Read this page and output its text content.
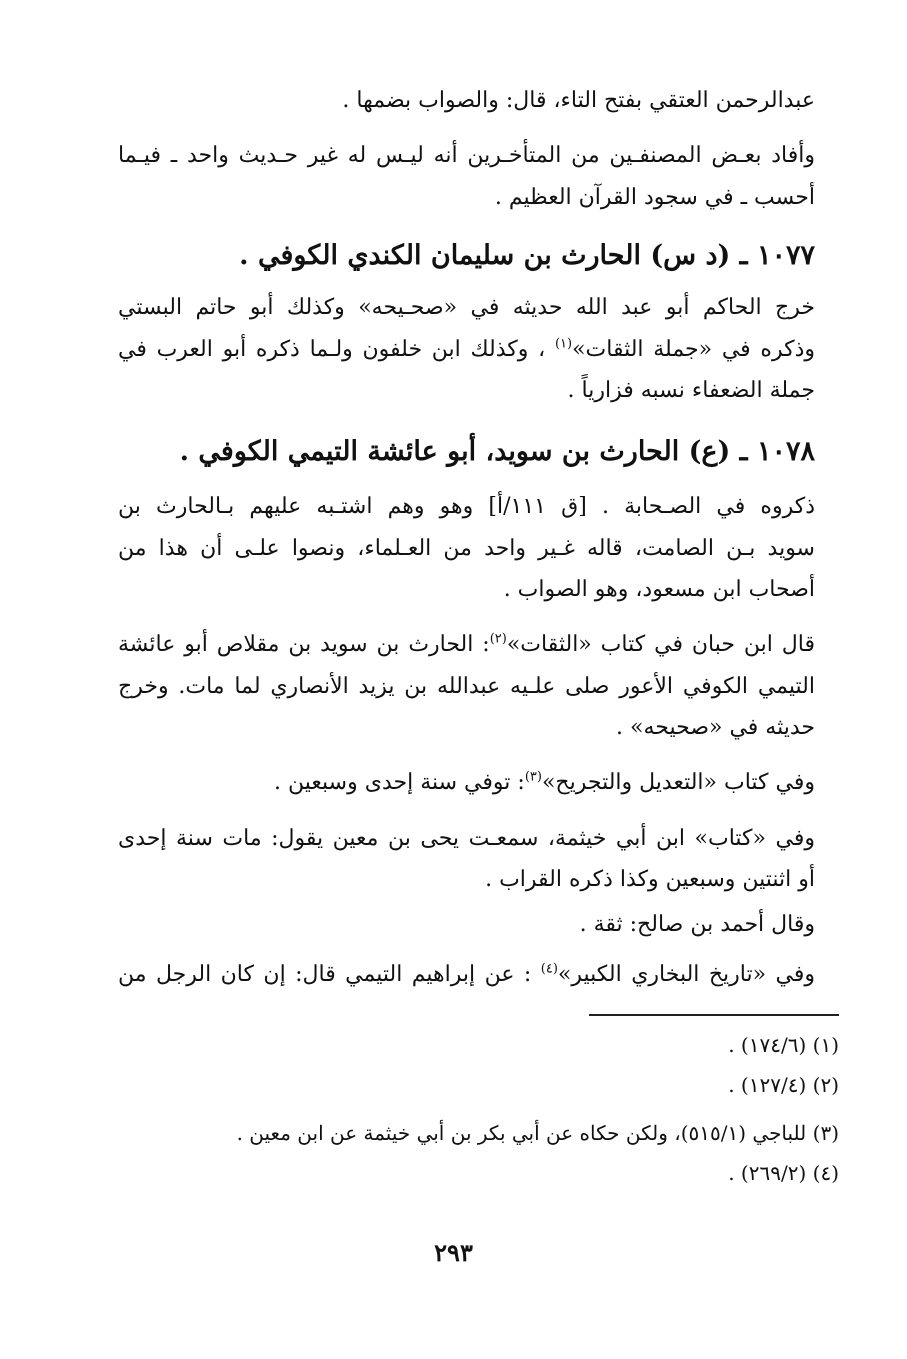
عبدالرحمن العتقي بفتح التاء، قال: والصواب بضمها .
وأفاد بعـض المصنفـين من المتأخـرين أنه ليـس له غير حـديث واحد ـ فيـما
أحسب ـ في سجود القرآن العظيم .
١٠٧٧ ـ (د س) الحارث بن سليمان الكندي الكوفي .
خرج الحاكم أبو عبد الله حديثه في «صحـيحه» وكذلك أبو حاتم البستي
وذكره في «جملة الثقات»$^{(١)}$ ، وكذلك ابن خلفون ولـما ذكره أبو العرب في
جملة الضعفاء نسبه فزارياً .
١٠٧٨ ـ (ع) الحارث بن سويد، أبو عائشة التيمي الكوفي .
ذكروه في الصـحابة . [ق ١١١/أ] وهو وهم اشتـبه عليهم بـالحارث بن
سويد بـن الصامت، قاله غـير واحد من العـلماء، ونصوا علـى أن هذا من
أصحاب ابن مسعود، وهو الصواب .
قال ابن حبان في كتاب «الثقات»$^{(٢)}$: الحارث بن سويد بن مقلاص أبو عائشة
التيمي الكوفي الأعور صلى علـيه عبدالله بن يزيد الأنصاري لما مات. وخرج
حديثه في «صحيحه» .
وفي كتاب «التعديل والتجريح»$^{(٣)}$: توفي سنة إحدى وسبعين .
وفي «كتاب» ابن أبي خيثمة، سمعـت يحى بن معين يقول: مات سنة إحدى
أو اثنتين وسبعين وكذا ذكره القراب .
وقال أحمد بن صالح: ثقة .
وفي «تاريخ البخاري الكبير»$^{(٤)}$ : عن إبراهيم التيمي قال: إن كان الرجل من
(١) (١٧٤/٦) .
(٢) (١٢٧/٤) .
(٣) للباجي (٥١٥/١)، ولكن حكاه عن أبي بكر بن أبي خيثمة عن ابن معين .
(٤) (٢٦٩/٢) .
٢٩٣
